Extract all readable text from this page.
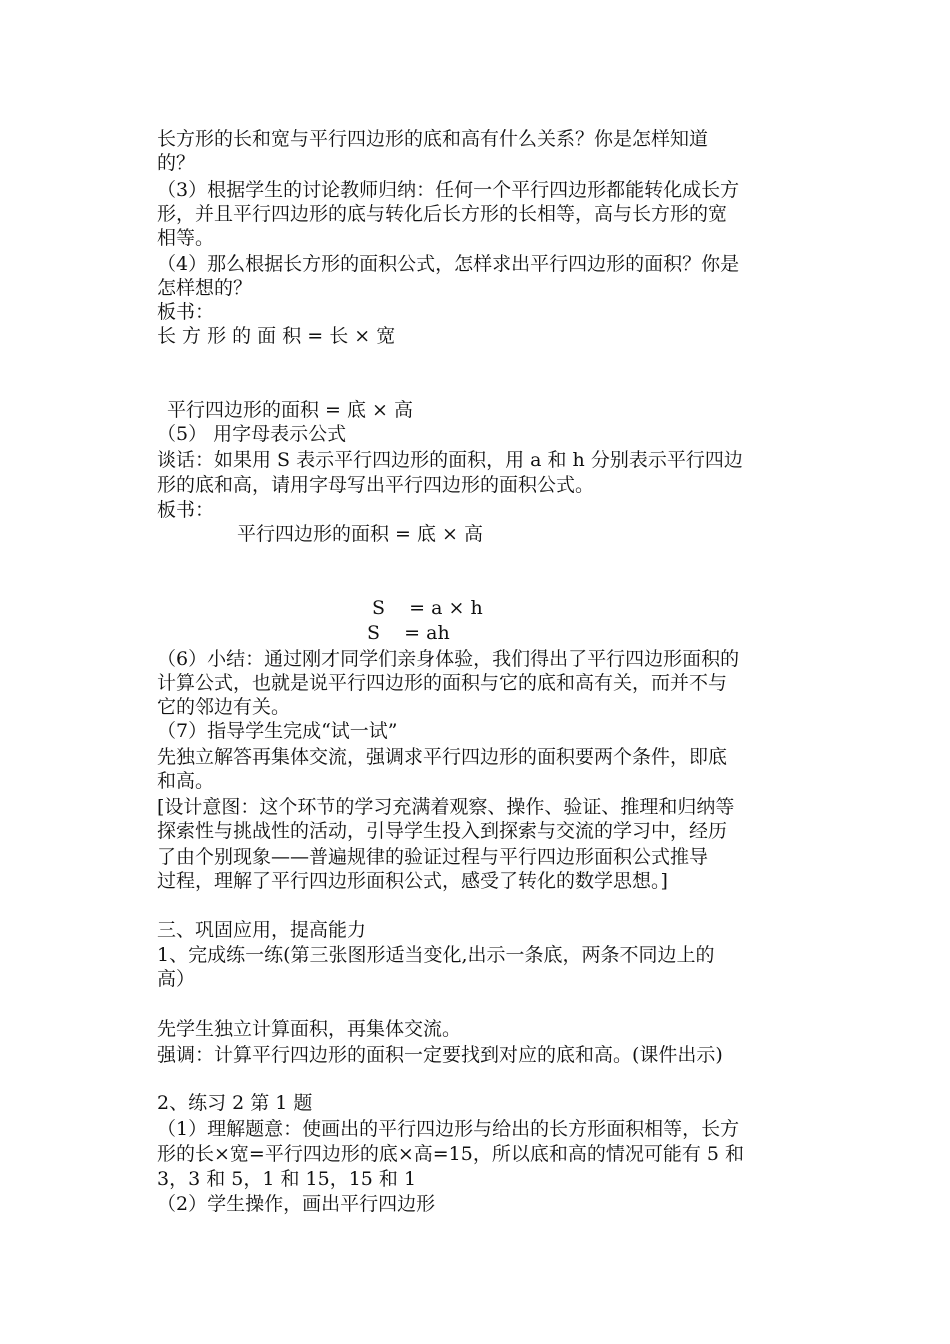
长方形的长和宽与平行四边形的底和高有什么关系？你是怎样知道
的？
（3）根据学生的讨论教师归纳：任何一个平行四边形都能转化成长方
形，并且平行四边形的底与转化后长方形的长相等，高与长方形的宽
相等。
（4）那么根据长方形的面积公式，怎样求出平行四边形的面积？你是
怎样想的？
板书：
长 方 形 的 面 积 = 长 × 宽
平行四边形的面积 = 底 × 高
（5） 用字母表示公式
谈话：如果用 S 表示平行四边形的面积，用 a 和 h 分别表示平行四边
形的底和高，请用字母写出平行四边形的面积公式。
板书：
平行四边形的面积 = 底 × 高
S    = a × h
S    = ah
（6）小结：通过刚才同学们亲身体验，我们得出了平行四边形面积的
计算公式，也就是说平行四边形的面积与它的底和高有关，而并不与
它的邻边有关。
（7）指导学生完成“试一试”
先独立解答再集体交流，强调求平行四边形的面积要两个条件，即底
和高。
[设计意图：这个环节的学习充满着观察、操作、验证、推理和归纳等
探索性与挑战性的活动，引导学生投入到探索与交流的学习中，经历
了由个别现象——普遍规律的验证过程与平行四边形面积公式推导
过程，理解了平行四边形面积公式，感受了转化的数学思想。]
三、巩固应用，提高能力
1、完成练一练(第三张图形适当变化,出示一条底，两条不同边上的
高）
先学生独立计算面积，再集体交流。
强调：计算平行四边形的面积一定要找到对应的底和高。(课件出示)
2、练习 2 第 1 题
（1）理解题意：使画出的平行四边形与给出的长方形面积相等，长方
形的长×宽=平行四边形的底×高=15，所以底和高的情况可能有 5 和
3，3 和 5，1 和 15，15 和 1
（2）学生操作，画出平行四边形
